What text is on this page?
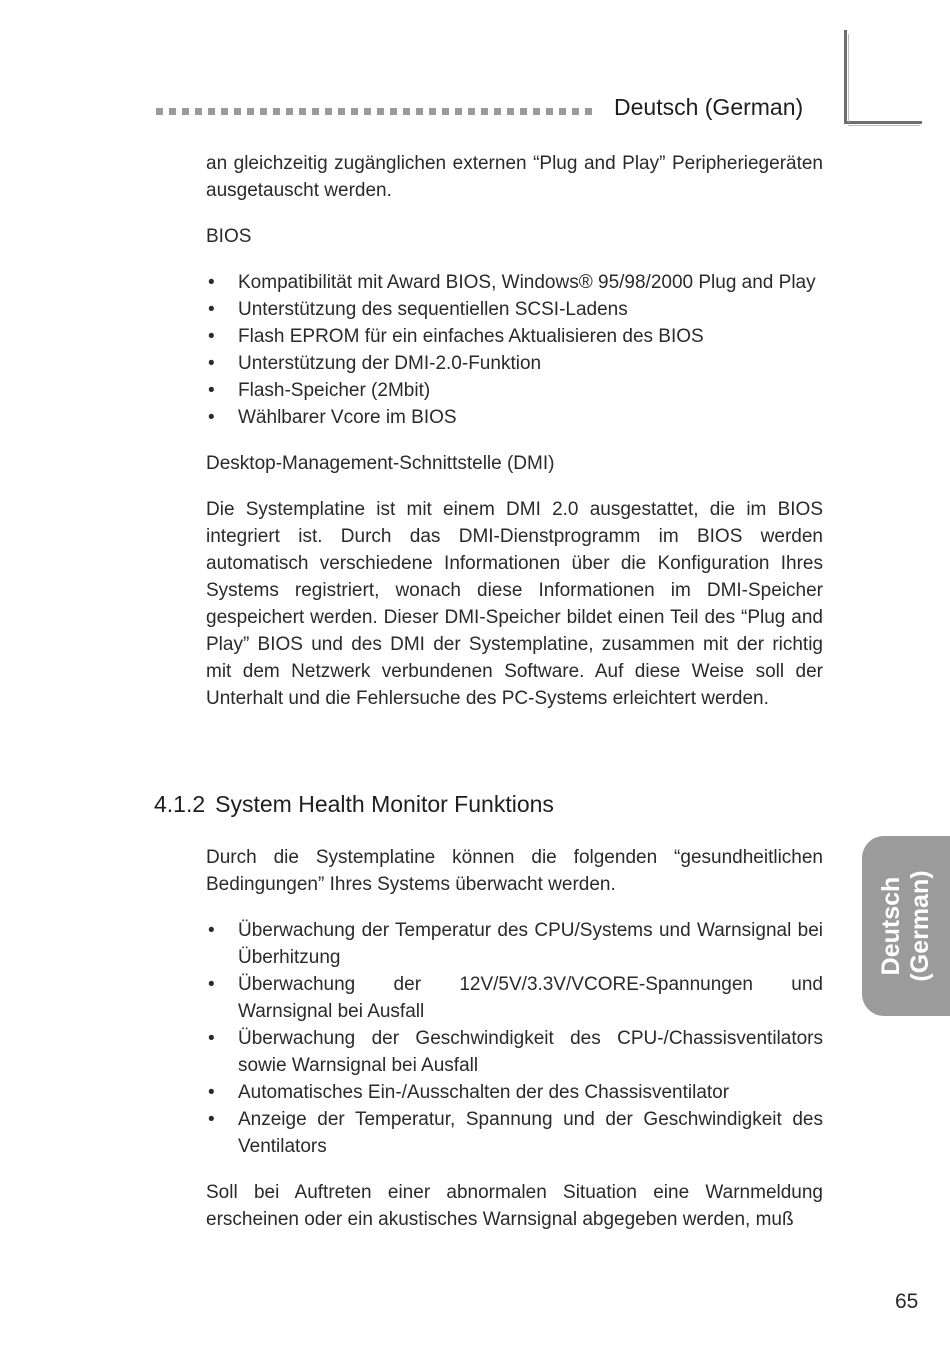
Deutsch (German)

an gleichzeitig zugänglichen externen “Plug and Play” Peripheriegeräten ausgetauscht werden.

BIOS

• Kompatibilität mit Award BIOS, Windows® 95/98/2000 Plug and Play
• Unterstützung des sequentiellen SCSI-Ladens
• Flash EPROM für ein einfaches Aktualisieren des BIOS
• Unterstützung der DMI-2.0-Funktion
• Flash-Speicher (2Mbit)
• Wählbarer Vcore im BIOS

Desktop-Management-Schnittstelle (DMI)

Die Systemplatine ist mit einem DMI 2.0 ausgestattet, die im BIOS integriert ist. Durch das DMI-Dienstprogramm im BIOS werden automatisch verschiedene Informationen über die Konfiguration Ihres Systems registriert, wonach diese Informationen im DMI-Speicher gespeichert werden. Dieser DMI-Speicher bildet einen Teil des “Plug and Play” BIOS und des DMI der Systemplatine, zusammen mit der richtig mit dem Netzwerk verbundenen Software. Auf diese Weise soll der Unterhalt und die Fehlersuche des PC-Systems erleichtert werden.

4.1.2 System Health Monitor Funktions

Durch die Systemplatine können die folgenden “gesundheitlichen Bedingungen” Ihres Systems überwacht werden.

• Überwachung der Temperatur des CPU/Systems und Warnsignal bei Überhitzung
• Überwachung der 12V/5V/3.3V/VCORE-Spannungen und Warnsignal bei Ausfall
• Überwachung der Geschwindigkeit des CPU-/Chassisventilators sowie Warnsignal bei Ausfall
• Automatisches Ein-/Ausschalten der des Chassisventilator
• Anzeige der Temperatur, Spannung und der Geschwindigkeit des Ventilators

Soll bei Auftreten einer abnormalen Situation eine Warnmeldung erscheinen oder ein akustisches Warnsignal abgegeben werden, muß

Deutsch (German)
65
